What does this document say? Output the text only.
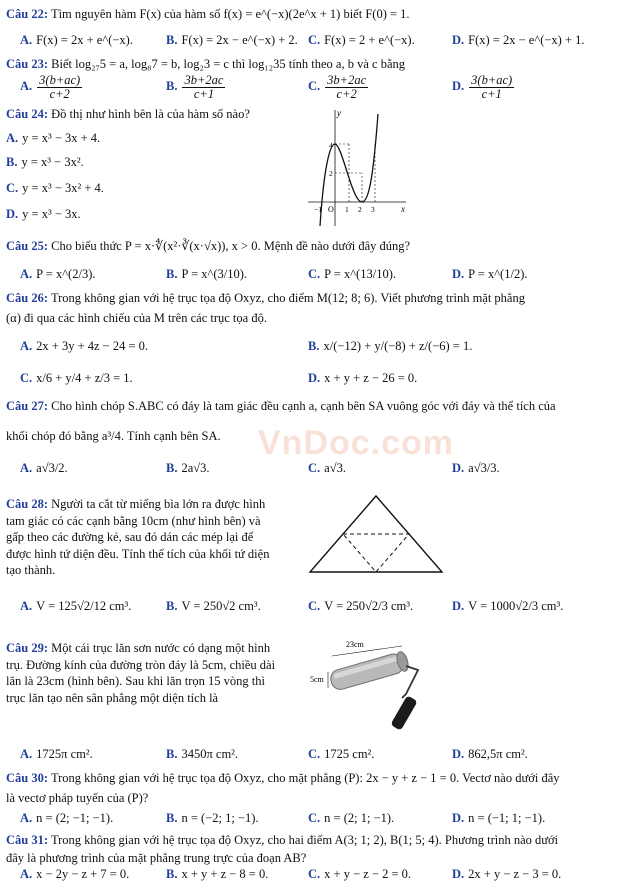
VnDoc.com
Câu 22: Tìm nguyên hàm F(x) của hàm số f(x) = e^(−x)(2e^x + 1) biết F(0) = 1.
A. F(x) = 2x + e^(−x).	B. F(x) = 2x − e^(−x) + 2. C. F(x) = 2 + e^(−x).	D. F(x) = 2x − e^(−x) + 1.
Câu 23: Biết log₂₇5 = a, log₈7 = b, log₂3 = c thì log₁₂35 tính theo a, b và c bằng
A. $\frac{3(b+ac)}{c+2}$	B. $\frac{3b+2ac}{c+1}$	C. $\frac{3b+2ac}{c+2}$	D. $\frac{3(b+ac)}{c+1}$
Câu 24: Đồ thị như hình bên là của hàm số nào?
A. y = x³ − 3x + 4.
B. y = x³ − 3x².
C. y = x³ − 3x² + 4.
D. y = x³ − 3x.
y
x
O
−1	1 2 3
4
2
Câu 25: Cho biểu thức P = x·∜(x²·∛(x·√x)), x > 0. Mệnh đề nào dưới đây đúng?
A. P = x^(2/3).	B. P = x^(3/10).	C. P = x^(13/10).	D. P = x^(1/2).
Câu 26: Trong không gian với hệ trục tọa độ Oxyz, cho điểm M(12; 8; 6). Viết phương trình mặt phẳng
(α) đi qua các hình chiếu của M trên các trục tọa độ.
A. 2x + 3y + 4z − 24 = 0.	B. x/(−12) + y/(−8) + z/(−6) = 1.
C. x/6 + y/4 + z/3 = 1.	D. x + y + z − 26 = 0.
Câu 27: Cho hình chóp S.ABC có đáy là tam giác đều cạnh a, cạnh bên SA vuông góc với đáy và thể tích của
khối chóp đó bằng a³/4. Tính cạnh bên SA.
A. a√3/2.	B. 2a√3.	C. a√3.	D. a√3/3.
Câu 28: Người ta cắt từ miếng bìa lớn ra được hình tam giác có các cạnh bằng 10cm (như hình bên) và gấp theo các đường kẻ, sau đó dán các mép lại để được hình tứ diện đều. Tính thể tích của khối tứ diện tạo thành.
A. V = 125√2/12 cm³.	B. V = 250√2 cm³.	C. V = 250√2/3 cm³.	D. V = 1000√2/3 cm³.
Câu 29: Một cái trục lăn sơn nước có dạng một hình trụ. Đường kính của đường tròn đáy là 5cm, chiều dài lăn là 23cm (hình bên). Sau khi lăn trọn 15 vòng thì trục lăn tạo nên sân phẳng một diện tích là
23cm
5cm
A. 1725π cm².	B. 3450π cm².	C. 1725 cm².	D. 862,5π cm².
Câu 30: Trong không gian với hệ trục tọa độ Oxyz, cho mặt phẳng (P): 2x − y + z − 1 = 0. Vectơ nào dưới đây
là vectơ pháp tuyến của (P)?
A. n = (2; −1; −1).	B. n = (−2; 1; −1).	C. n = (2; 1; −1).	D. n = (−1; 1; −1).
Câu 31: Trong không gian với hệ trục tọa độ Oxyz, cho hai điểm A(3; 1; 2), B(1; 5; 4). Phương trình nào dưới
đây là phương trình của mặt phẳng trung trực của đoạn AB?
A. x − 2y − z + 7 = 0.	B. x + y + z − 8 = 0.	C. x + y − z − 2 = 0.	D. 2x + y − z − 3 = 0.
